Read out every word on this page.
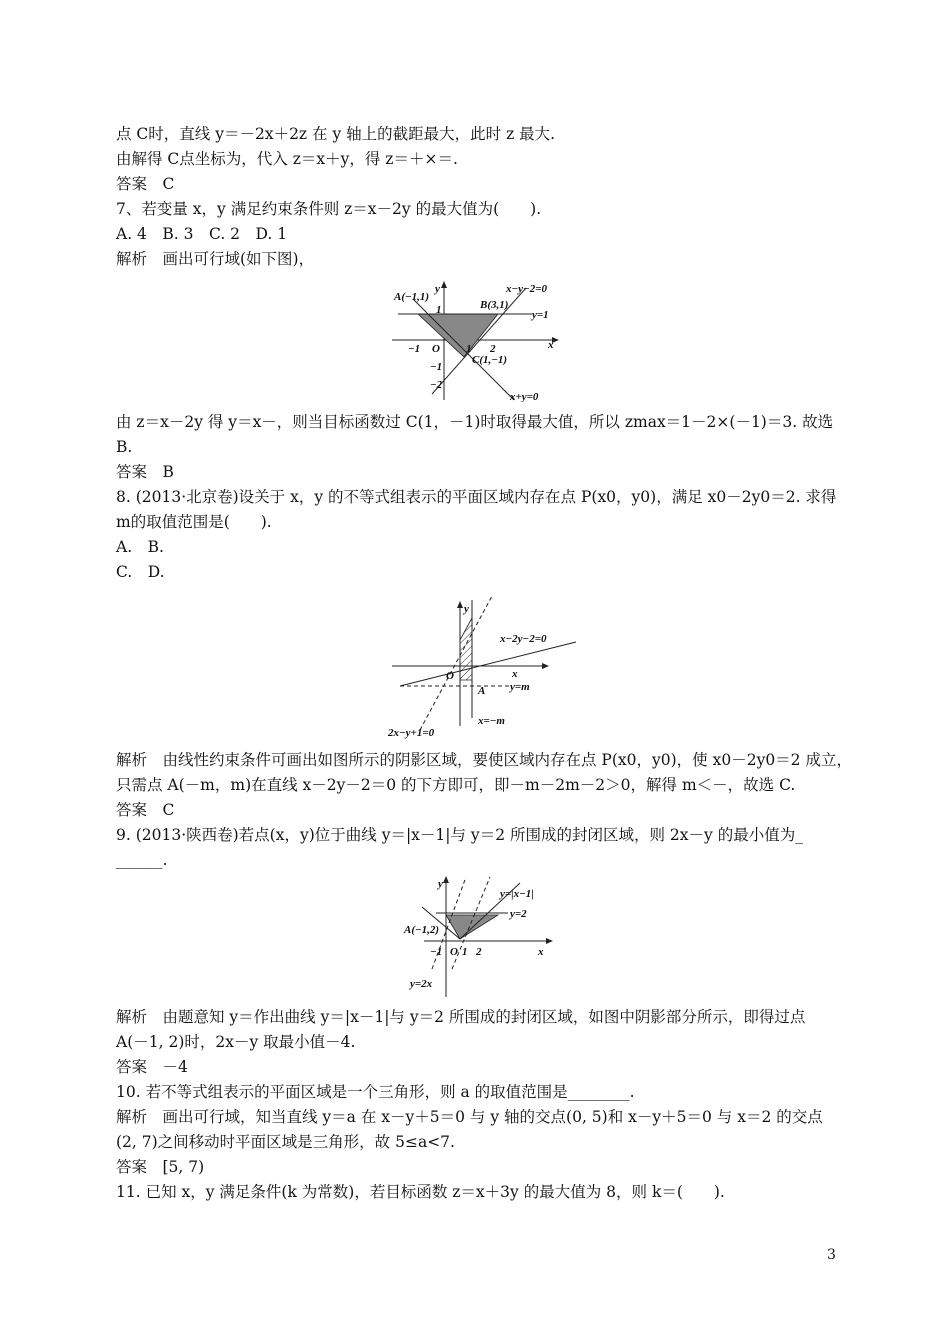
点 C时，直线 y＝－2x＋2z 在 y 轴上的截距最大，此时 z 最大.
由解得 C点坐标为，代入 z＝x＋y，得 z＝＋×＝.
答案　C
7、若变量 x，y 满足约束条件则 z＝x－2y 的最大值为(　　).
A. 4　B. 3　C. 2　D. 1
解析　画出可行域(如下图)，
y
x
A(−1,1)
B(3,1)
C(1,−1)
x−y−2=0
y=1
x+y=0
O 1 2
−1
1
−1
−2
由 z＝x－2y 得 y＝x－，则当目标函数过 C(1，－1)时取得最大值，所以 zmax＝1－2×(－1)＝3. 故选
B.
答案　B
8. (2013·北京卷)设关于 x，y 的不等式组表示的平面区域内存在点 P(x0，y0)，满足 x0－2y0＝2. 求得
m的取值范围是(　　).
A.　B.
C.　D.
y
x
O
A
x−2y−2=0
y=m
x=−m
2x−y+1=0
解析　由线性约束条件可画出如图所示的阴影区域，要使区域内存在点 P(x0，y0)，使 x0－2y0＝2 成立，
只需点 A(－m，m)在直线 x－2y－2＝0 的下方即可，即－m－2m－2＞0，解得 m＜－，故选 C.
答案　C
9. (2013·陕西卷)若点(x，y)位于曲线 y＝|x－1|与 y＝2 所围成的封闭区域，则 2x－y 的最小值为_
______.
y
x
y=|x−1|
y=2
A(−1,2)
y=2x
−1 O 1 2
解析　由题意知 y＝作出曲线 y＝|x－1|与 y＝2 所围成的封闭区域，如图中阴影部分所示，即得过点
A(－1, 2)时，2x－y 取最小值－4.
答案　－4
10. 若不等式组表示的平面区域是一个三角形，则 a 的取值范围是________.
解析　画出可行域，知当直线 y＝a 在 x－y＋5＝0 与 y 轴的交点(0, 5)和 x－y＋5＝0 与 x＝2 的交点
(2, 7)之间移动时平面区域是三角形，故 5≤a<7.
答案　[5, 7)
11. 已知 x，y 满足条件(k 为常数)，若目标函数 z＝x＋3y 的最大值为 8，则 k＝(　　).
3
